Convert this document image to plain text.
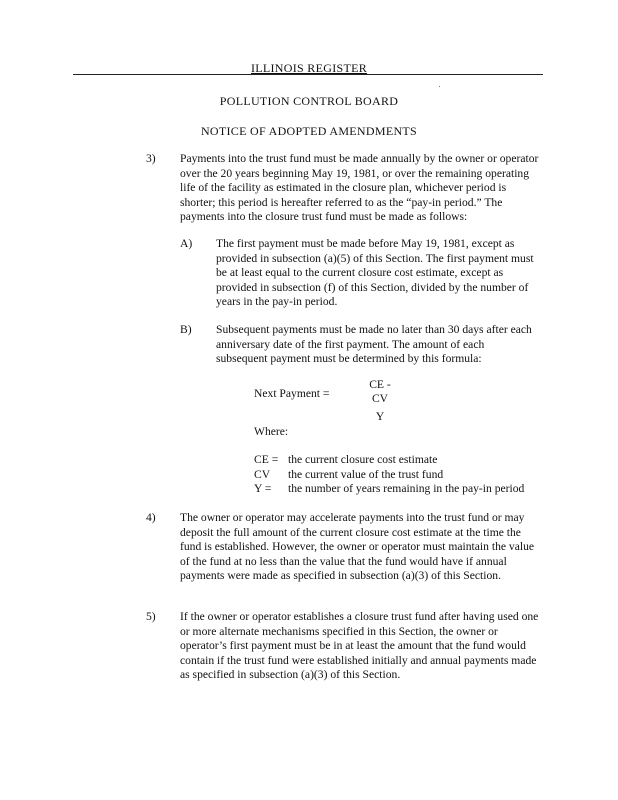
ILLINOIS REGISTER
POLLUTION CONTROL BOARD
NOTICE OF ADOPTED AMENDMENTS
3) Payments into the trust fund must be made annually by the owner or operator over the 20 years beginning May 19, 1981, or over the remaining operating life of the facility as estimated in the closure plan, whichever period is shorter; this period is hereafter referred to as the “pay-in period.” The payments into the closure trust fund must be made as follows:

A) The first payment must be made before May 19, 1981, except as provided in subsection (a)(5) of this Section. The first payment must be at least equal to the current closure cost estimate, except as provided in subsection (f) of this Section, divided by the number of years in the pay-in period.

B) Subsequent payments must be made no later than 30 days after each anniversary date of the first payment. The amount of each subsequent payment must be determined by this formula:

Next Payment =
CE - CV
Y
Where:
CE = the current closure cost estimate
CV the current value of the trust fund
Y = the number of years remaining in the pay-in period
4) The owner or operator may accelerate payments into the trust fund or may deposit the full amount of the current closure cost estimate at the time the fund is established. However, the owner or operator must maintain the value of the fund at no less than the value that the fund would have if annual payments were made as specified in subsection (a)(3) of this Section.

5) If the owner or operator establishes a closure trust fund after having used one or more alternate mechanisms specified in this Section, the owner or operator’s first payment must be in at least the amount that the fund would contain if the trust fund were established initially and annual payments made as specified in subsection (a)(3) of this Section.
